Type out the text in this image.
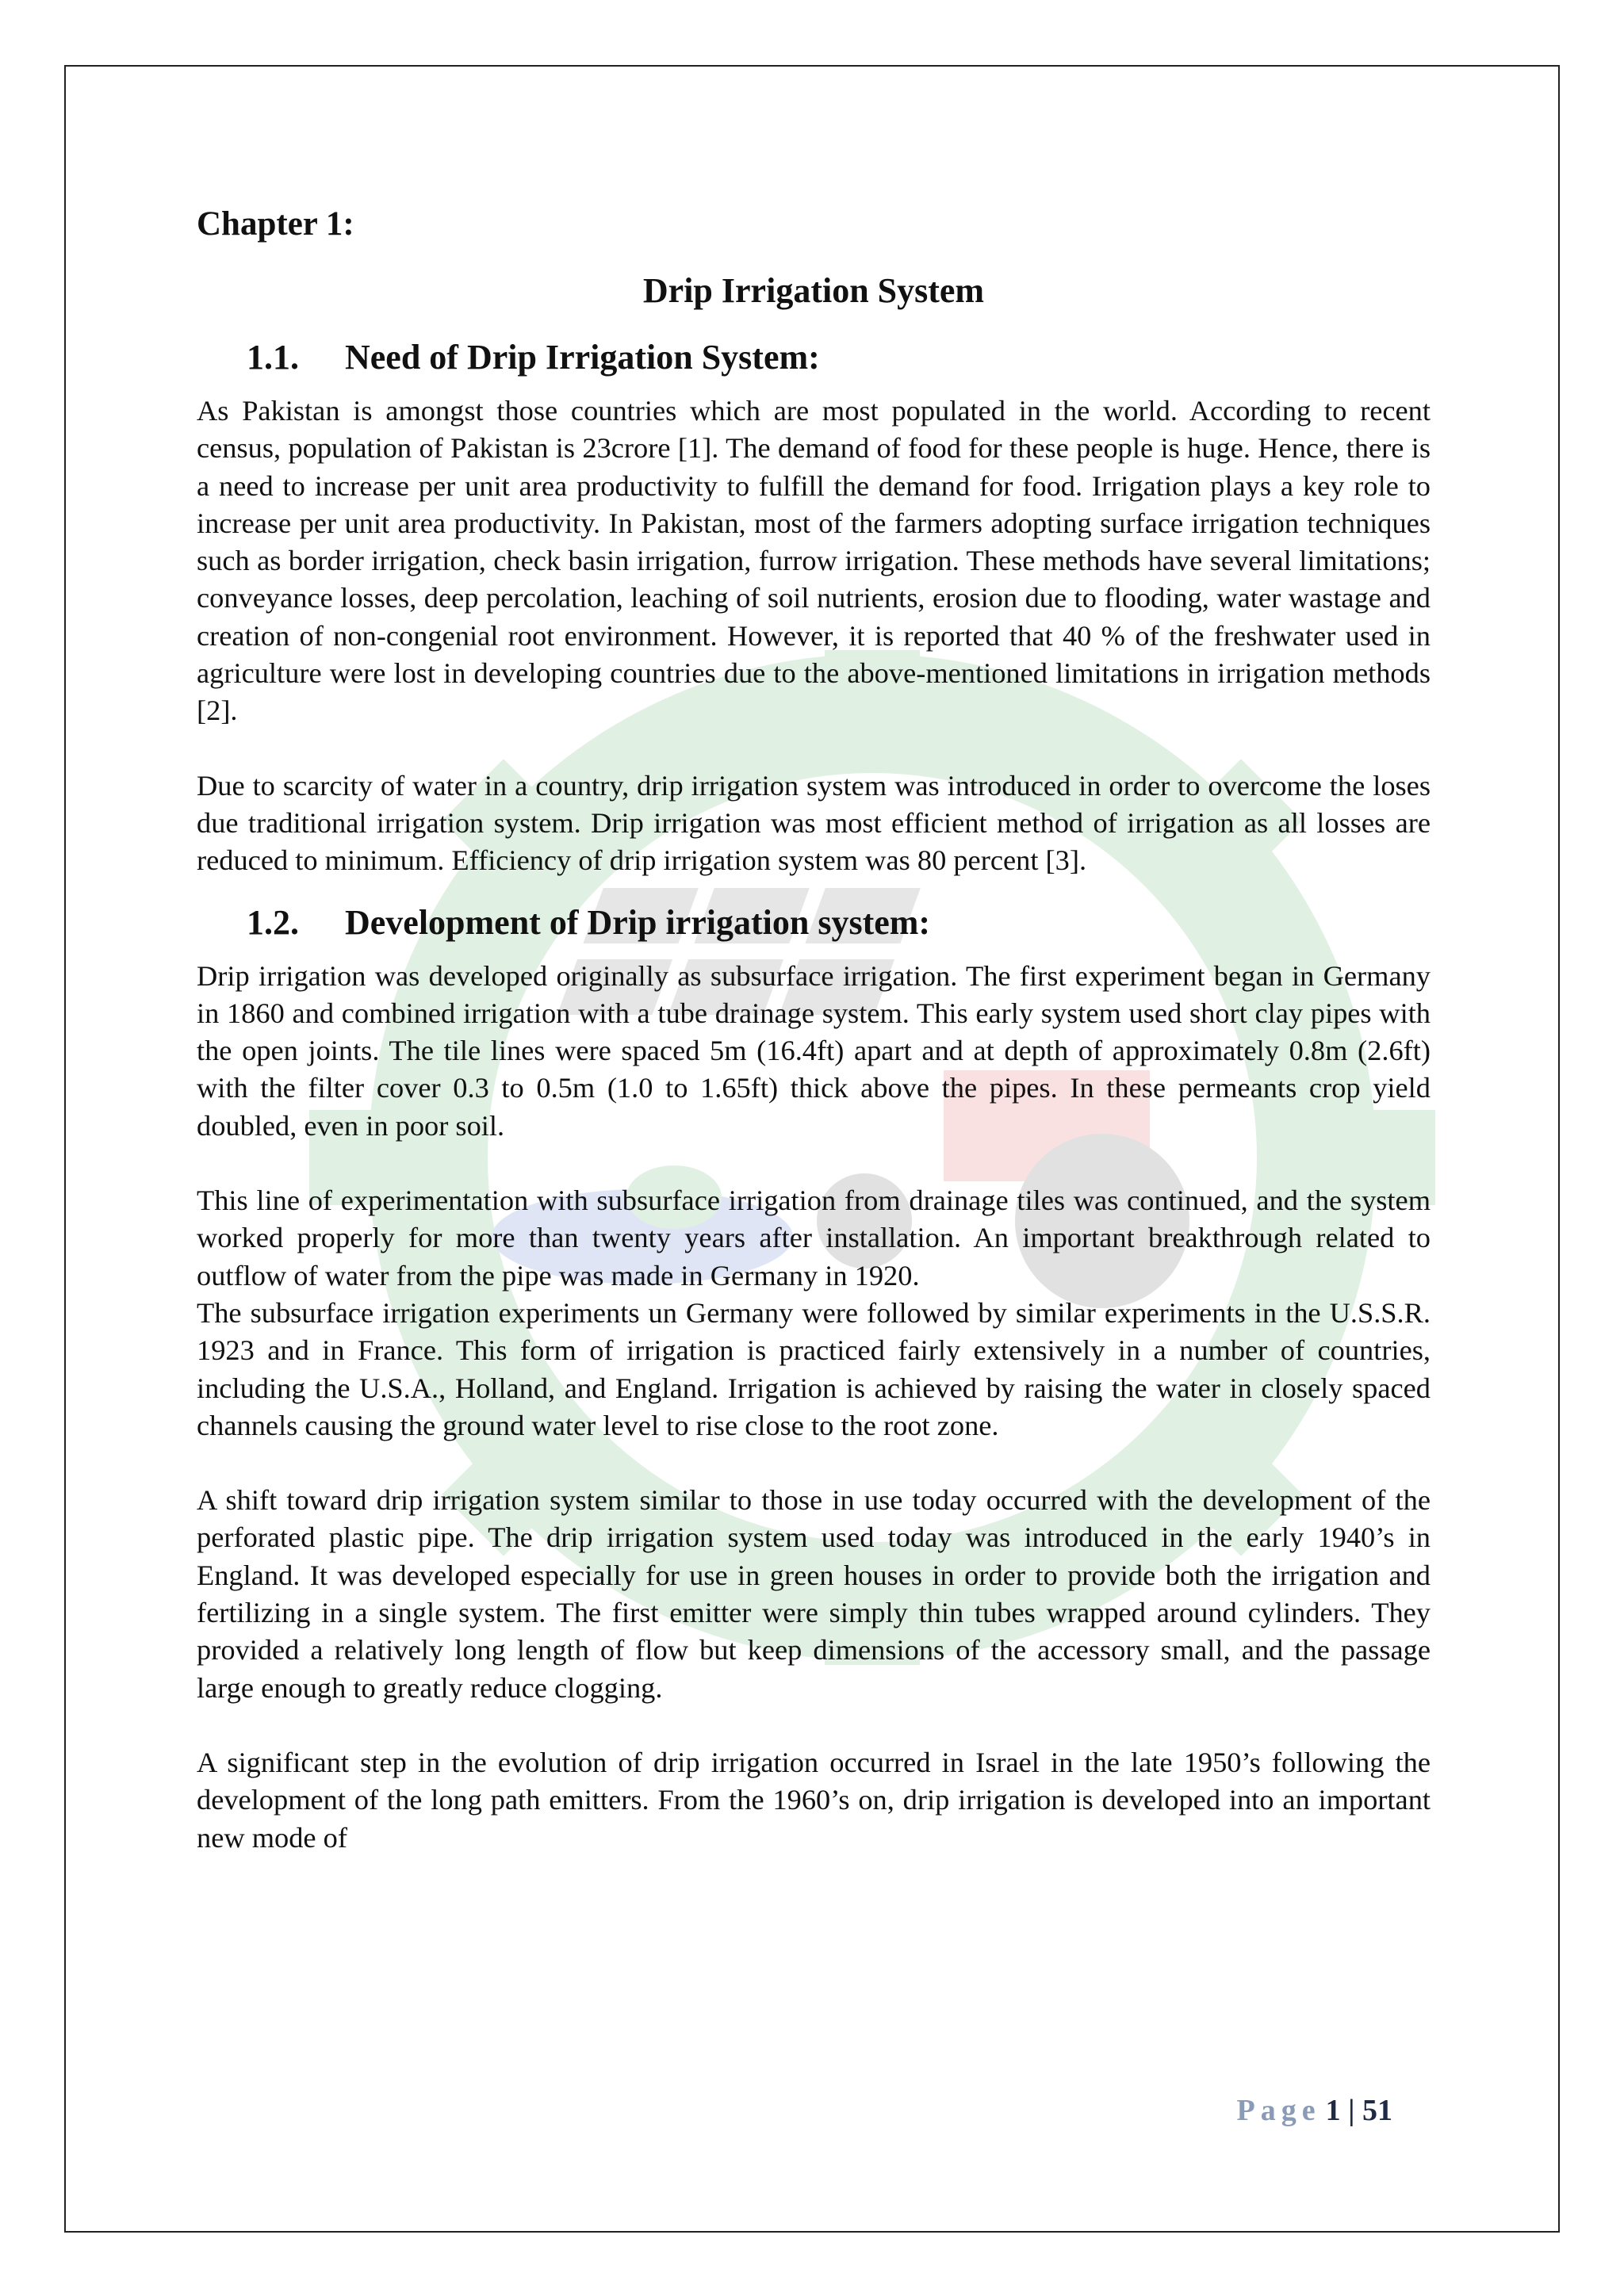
Chapter 1:
Drip Irrigation System
1.1. Need of Drip Irrigation System:

As Pakistan is amongst those countries which are most populated in the world. According to recent census, population of Pakistan is 23crore [1]. The demand of food for these people is huge. Hence, there is a need to increase per unit area productivity to fulfill the demand for food. Irrigation plays a key role to increase per unit area productivity. In Pakistan, most of the farmers adopting surface irrigation techniques such as border irrigation, check basin irrigation, furrow irrigation. These methods have several limitations; conveyance losses, deep percolation, leaching of soil nutrients, erosion due to flooding, water wastage and creation of non-congenial root environment. However, it is reported that 40 % of the freshwater used in agriculture were lost in developing countries due to the above-mentioned limitations in irrigation methods [2].

Due to scarcity of water in a country, drip irrigation system was introduced in order to overcome the loses due traditional irrigation system. Drip irrigation was most efficient method of irrigation as all losses are reduced to minimum. Efficiency of drip irrigation system was 80 percent [3].

1.2. Development of Drip irrigation system:

Drip irrigation was developed originally as subsurface irrigation. The first experiment began in Germany in 1860 and combined irrigation with a tube drainage system. This early system used short clay pipes with the open joints. The tile lines were spaced 5m (16.4ft) apart and at depth of approximately 0.8m (2.6ft) with the filter cover 0.3 to 0.5m (1.0 to 1.65ft) thick above the pipes. In these permeants crop yield doubled, even in poor soil.

This line of experimentation with subsurface irrigation from drainage tiles was continued, and the system worked properly for more than twenty years after installation. An important breakthrough related to outflow of water from the pipe was made in Germany in 1920.

The subsurface irrigation experiments un Germany were followed by similar experiments in the U.S.S.R. 1923 and in France. This form of irrigation is practiced fairly extensively in a number of countries, including the U.S.A., Holland, and England. Irrigation is achieved by raising the water in closely spaced channels causing the ground water level to rise close to the root zone.

A shift toward drip irrigation system similar to those in use today occurred with the development of the perforated plastic pipe. The drip irrigation system used today was introduced in the early 1940’s in England. It was developed especially for use in green houses in order to provide both the irrigation and fertilizing in a single system. The first emitter were simply thin tubes wrapped around cylinders. They provided a relatively long length of flow but keep dimensions of the accessory small, and the passage large enough to greatly reduce clogging.

A significant step in the evolution of drip irrigation occurred in Israel in the late 1950’s following the development of the long path emitters. From the 1960’s on, drip irrigation is developed into an important new mode of

Page 1 | 51
